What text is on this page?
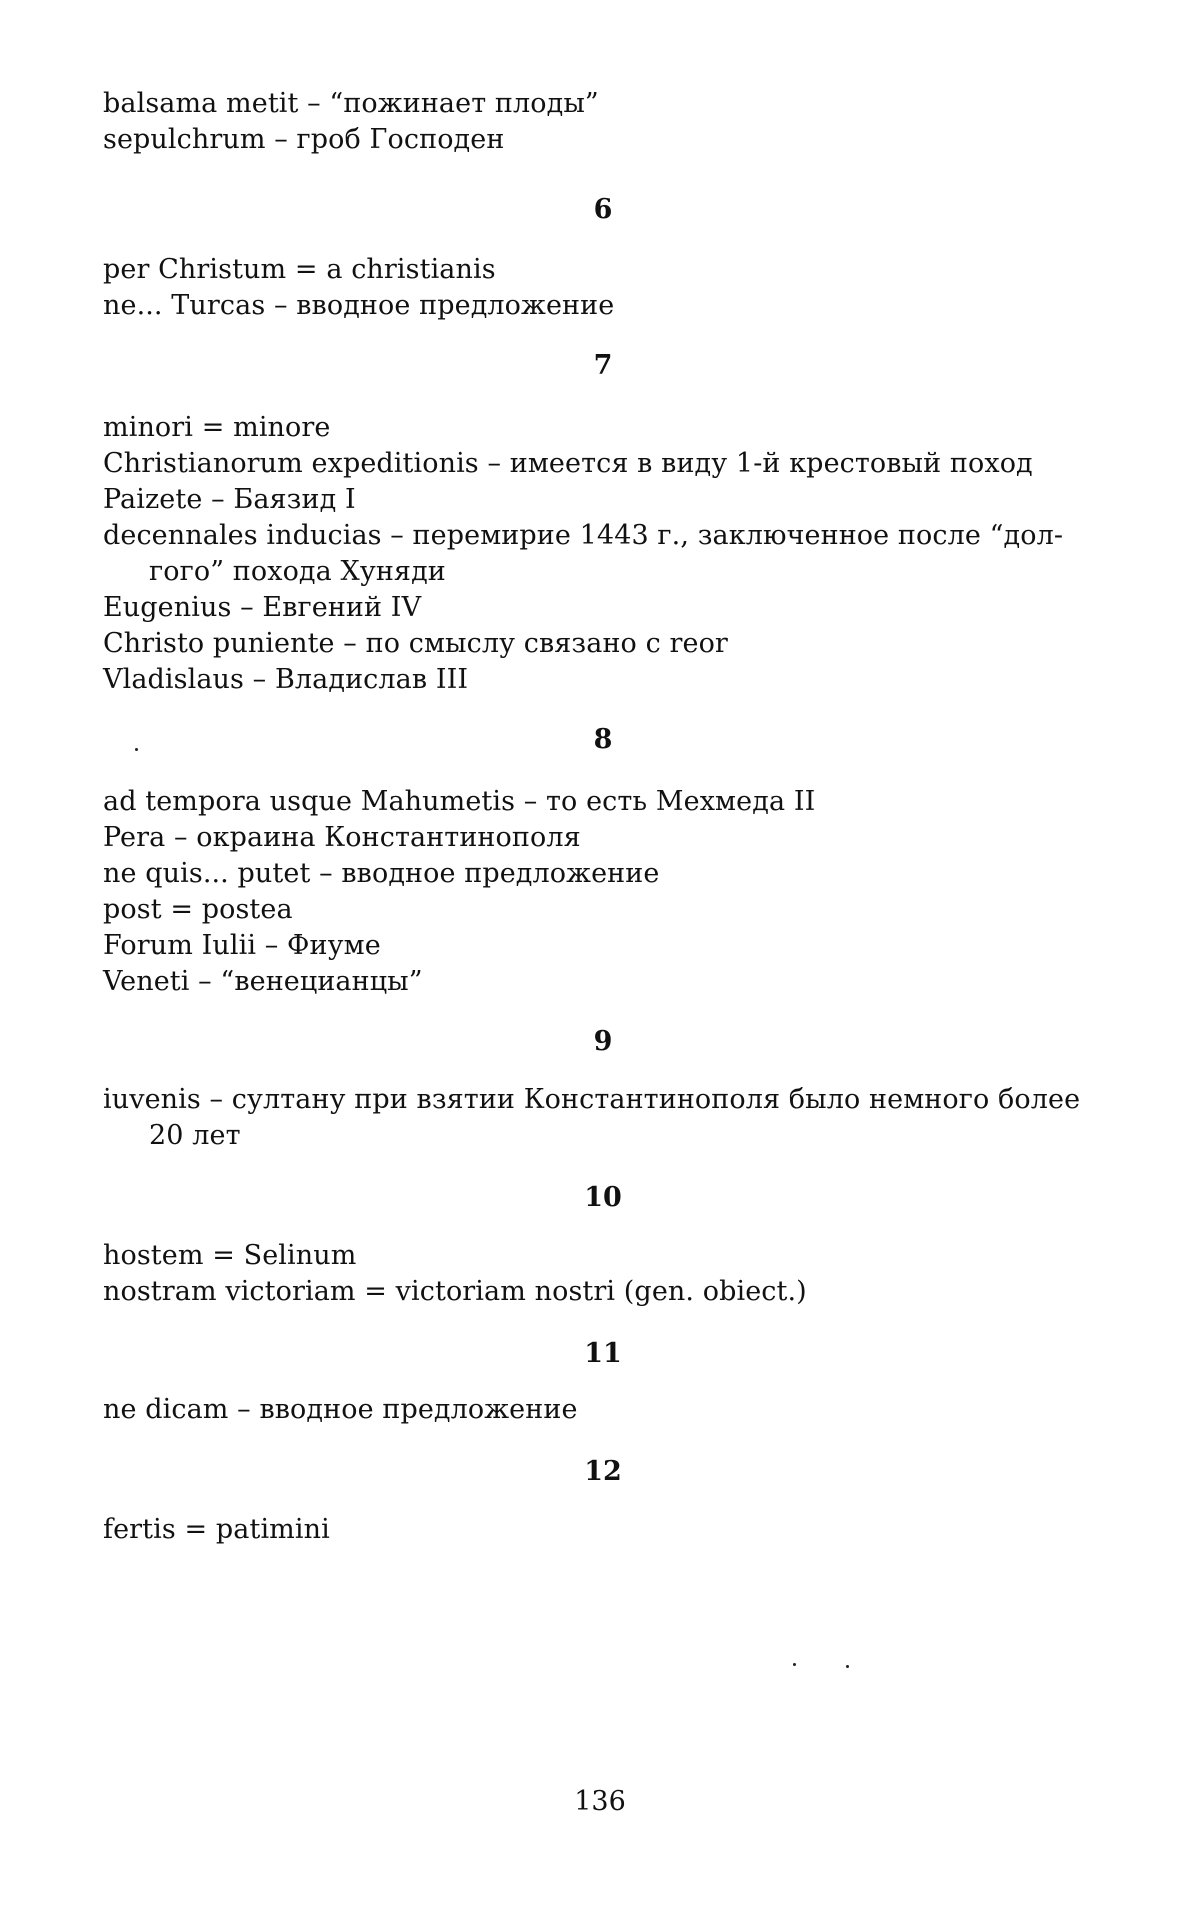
balsama metit – “пожинает плоды”
sepulchrum – гроб Господен
6
per Christum = a christianis
ne... Turcas – вводное предложение
7
minori = minore
Christianorum expeditionis – имеется в виду 1-й крестовый поход
Paizete – Баязид I
decennales inducias – перемирие 1443 г., заключенное после “дол-
гого” похода Хуняди
Eugenius – Евгений IV
Christo puniente – по смыслу связано с reor
Vladislaus – Владислав III
8
ad tempora usque Mahumetis – то есть Мехмеда II
Pera – окраина Константинополя
ne quis... putet – вводное предложение
post = postea
Forum Iulii – Фиуме
Veneti – “венецианцы”
9
iuvenis – султану при взятии Константинополя было немного более
20 лет
10
hostem = Selinum
nostram victoriam = victoriam nostri (gen. obiect.)
11
ne dicam – вводное предложение
12
fertis = patimini
136
